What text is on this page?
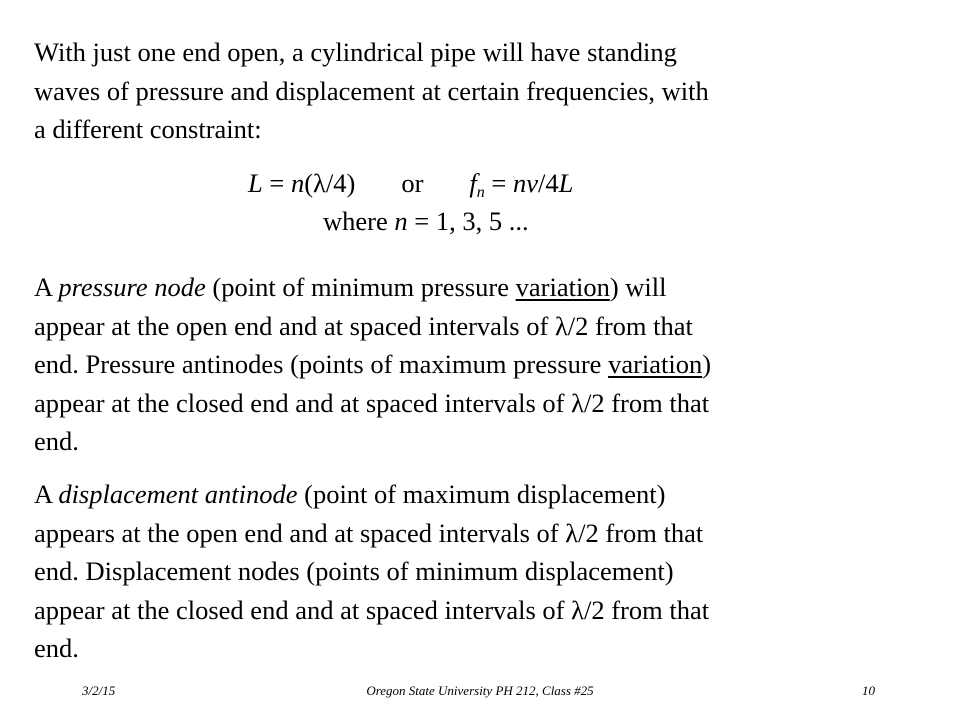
With just one end open, a cylindrical pipe will have standing
waves of pressure and displacement at certain frequencies, with
a different constraint:
L = n(λ/4) or $f_n = nv/4L$
where n = 1, 3, 5 ...
A pressure node (point of minimum pressure variation) will
appear at the open end and at spaced intervals of λ/2 from that
end. Pressure antinodes (points of maximum pressure variation)
appear at the closed end and at spaced intervals of λ/2 from that
end.
A displacement antinode (point of maximum displacement)
appears at the open end and at spaced intervals of λ/2 from that
end. Displacement nodes (points of minimum displacement)
appear at the closed end and at spaced intervals of λ/2 from that
end.
Oregon State University PH 212, Class #25
3/2/15	10
